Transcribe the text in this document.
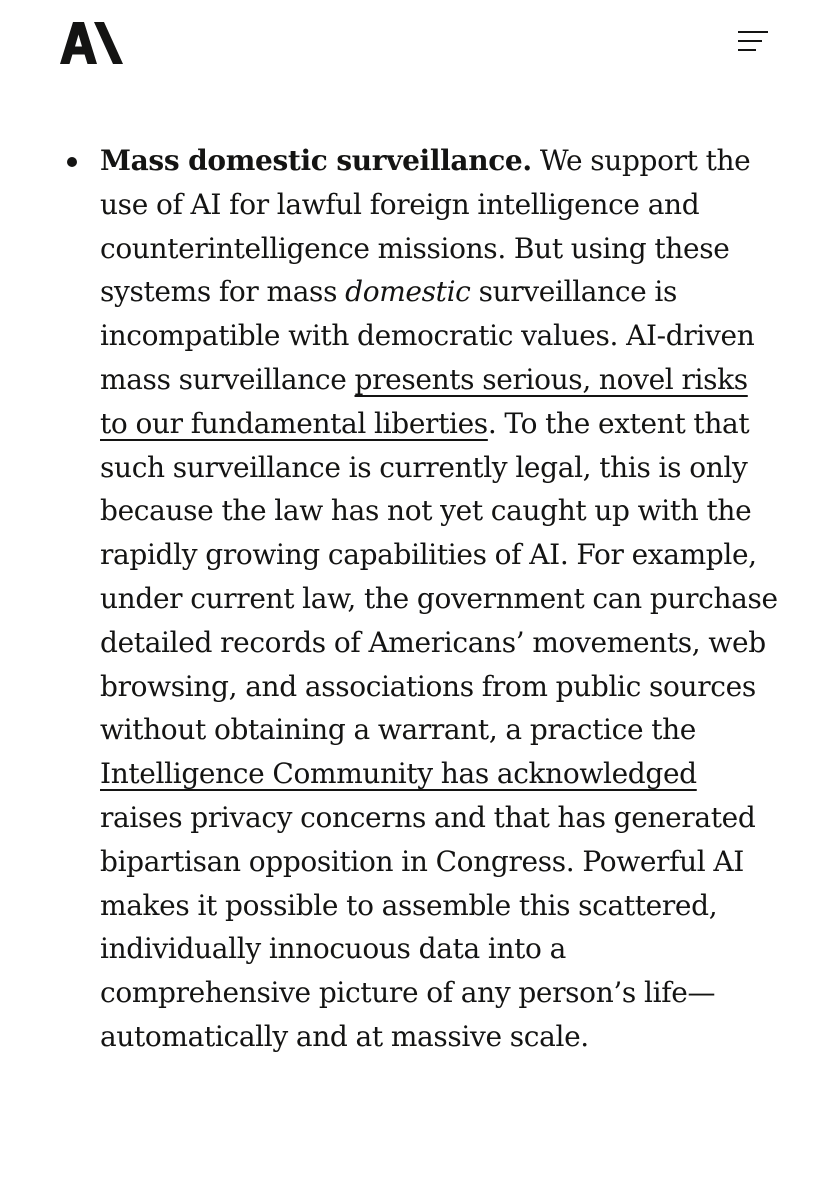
Mass domestic surveillance. We support the use of AI for lawful foreign intelligence and counterintelligence missions. But using these systems for mass domestic surveillance is incompatible with democratic values. AI-driven mass surveillance presents serious, novel risks to our fundamental liberties. To the extent that such surveillance is currently legal, this is only because the law has not yet caught up with the rapidly growing capabilities of AI. For example, under current law, the government can purchase detailed records of Americans’ movements, web browsing, and associations from public sources without obtaining a warrant, a practice the Intelligence Community has acknowledged raises privacy concerns and that has generated bipartisan opposition in Congress. Powerful AI makes it possible to assemble this scattered, individually innocuous data into a comprehensive picture of any person’s life—automatically and at massive scale.
